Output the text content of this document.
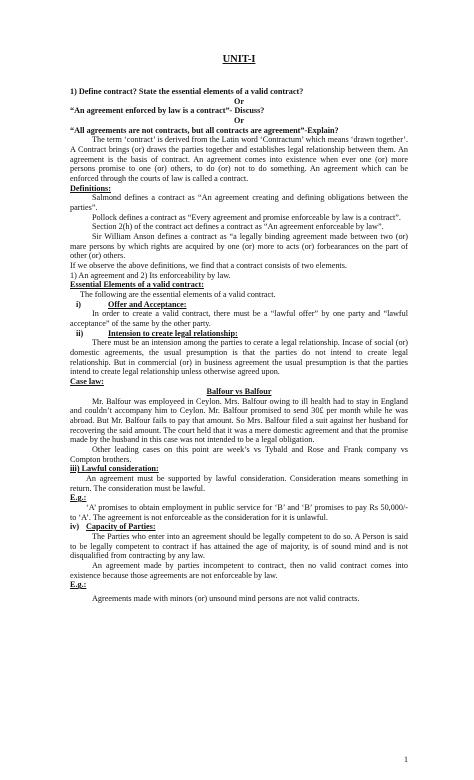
UNIT-I

1) Define contract? State the essential elements of a valid contract?

Or

“An agreement enforced by law is a contract”- Discuss?

Or

“All agreements are not contracts, but all contracts are agreement”-Explain?

The term ‘contract’ is derived from the Latin word ‘Contractum’ which means ‘drawn together’. A Contract brings (or) draws the parties together and establishes legal relationship between them. An agreement is the basis of contract. An agreement comes into existence when ever one (or) more persons promise to one (or) others, to do (or) not to do something. An agreement which can be enforced through the courts of law is called a contract.

Definitions:

Salmond defines a contract as “An agreement creating and defining obligations between the parties”.

Pollock defines a contract as “Every agreement and promise enforceable by law is a contract”.

Section 2(h) of the contract act defines a contract as “An agreement enforceable by law”.

Sir William Anson defines a contract as “a legally binding agreement made between two (or) mare persons by which rights are acquired by one (or) more to acts (or) forbearances on the part of other (or) others.

If we observe the above definitions, we find that a contract consists of two elements.

1) An agreement and 2) Its enforceability by law.

Essential Elements of a valid contract:

The following are the essential elements of a valid contract.

i)	Offer and Acceptance:

In order to create a valid contract, there must be a “lawful offer” by one party and “lawful acceptance” of the same by the other party.

ii)	Intension to create legal relationship:

There must be an intension among the parties to cerate a legal relationship. Incase of social (or) domestic agreements, the usual presumption is that the parties do not intend to create legal relationship. But in commercial (or) in business agreement the usual presumption is that the parties intend to create legal relationship unless otherwise agreed upon.

Case law:

Balfour vs Balfour

Mr. Balfour was employeed in Ceylon. Mrs. Balfour owing to ill health had to stay in England and couldn’t accompany him to Ceylon. Mr. Balfour promised to send 30£ per month while he was abroad. But Mr. Balfour fails to pay that amount. So Mrs. Balfour filed a suit against her husband for recovering the said amount. The court held that it was a mere domestic agreement and that the promise made by the husband in this case was not intended to be a legal obligation.

Other leading cases on this point are week’s vs Tybald and Rose and Frank company vs Compton brothers.

iii) Lawful consideration:

An agreement must be supported by lawful consideration. Consideration means something in return. The consideration must be lawful.

E.g.:

‘A’ promises to obtain employment in public service for ‘B’ and ‘B’ promises to pay Rs 50,000/- to ‘A’. The agreement is not enforceable as the consideration for it is unlawful.

iv) Capacity of Parties:

The Parties who enter into an agreement should be legally competent to do so. A Person is said to be legally competent to contract if has attained the age of majority, is of sound mind and is not disqualified from contracting by any law.

An agreement made by parties incompetent to contract, then no valid contract comes into existence because those agreements are not enforceable by law.

E.g.:

Agreements made with minors (or) unsound mind persons are not valid contracts.

1
